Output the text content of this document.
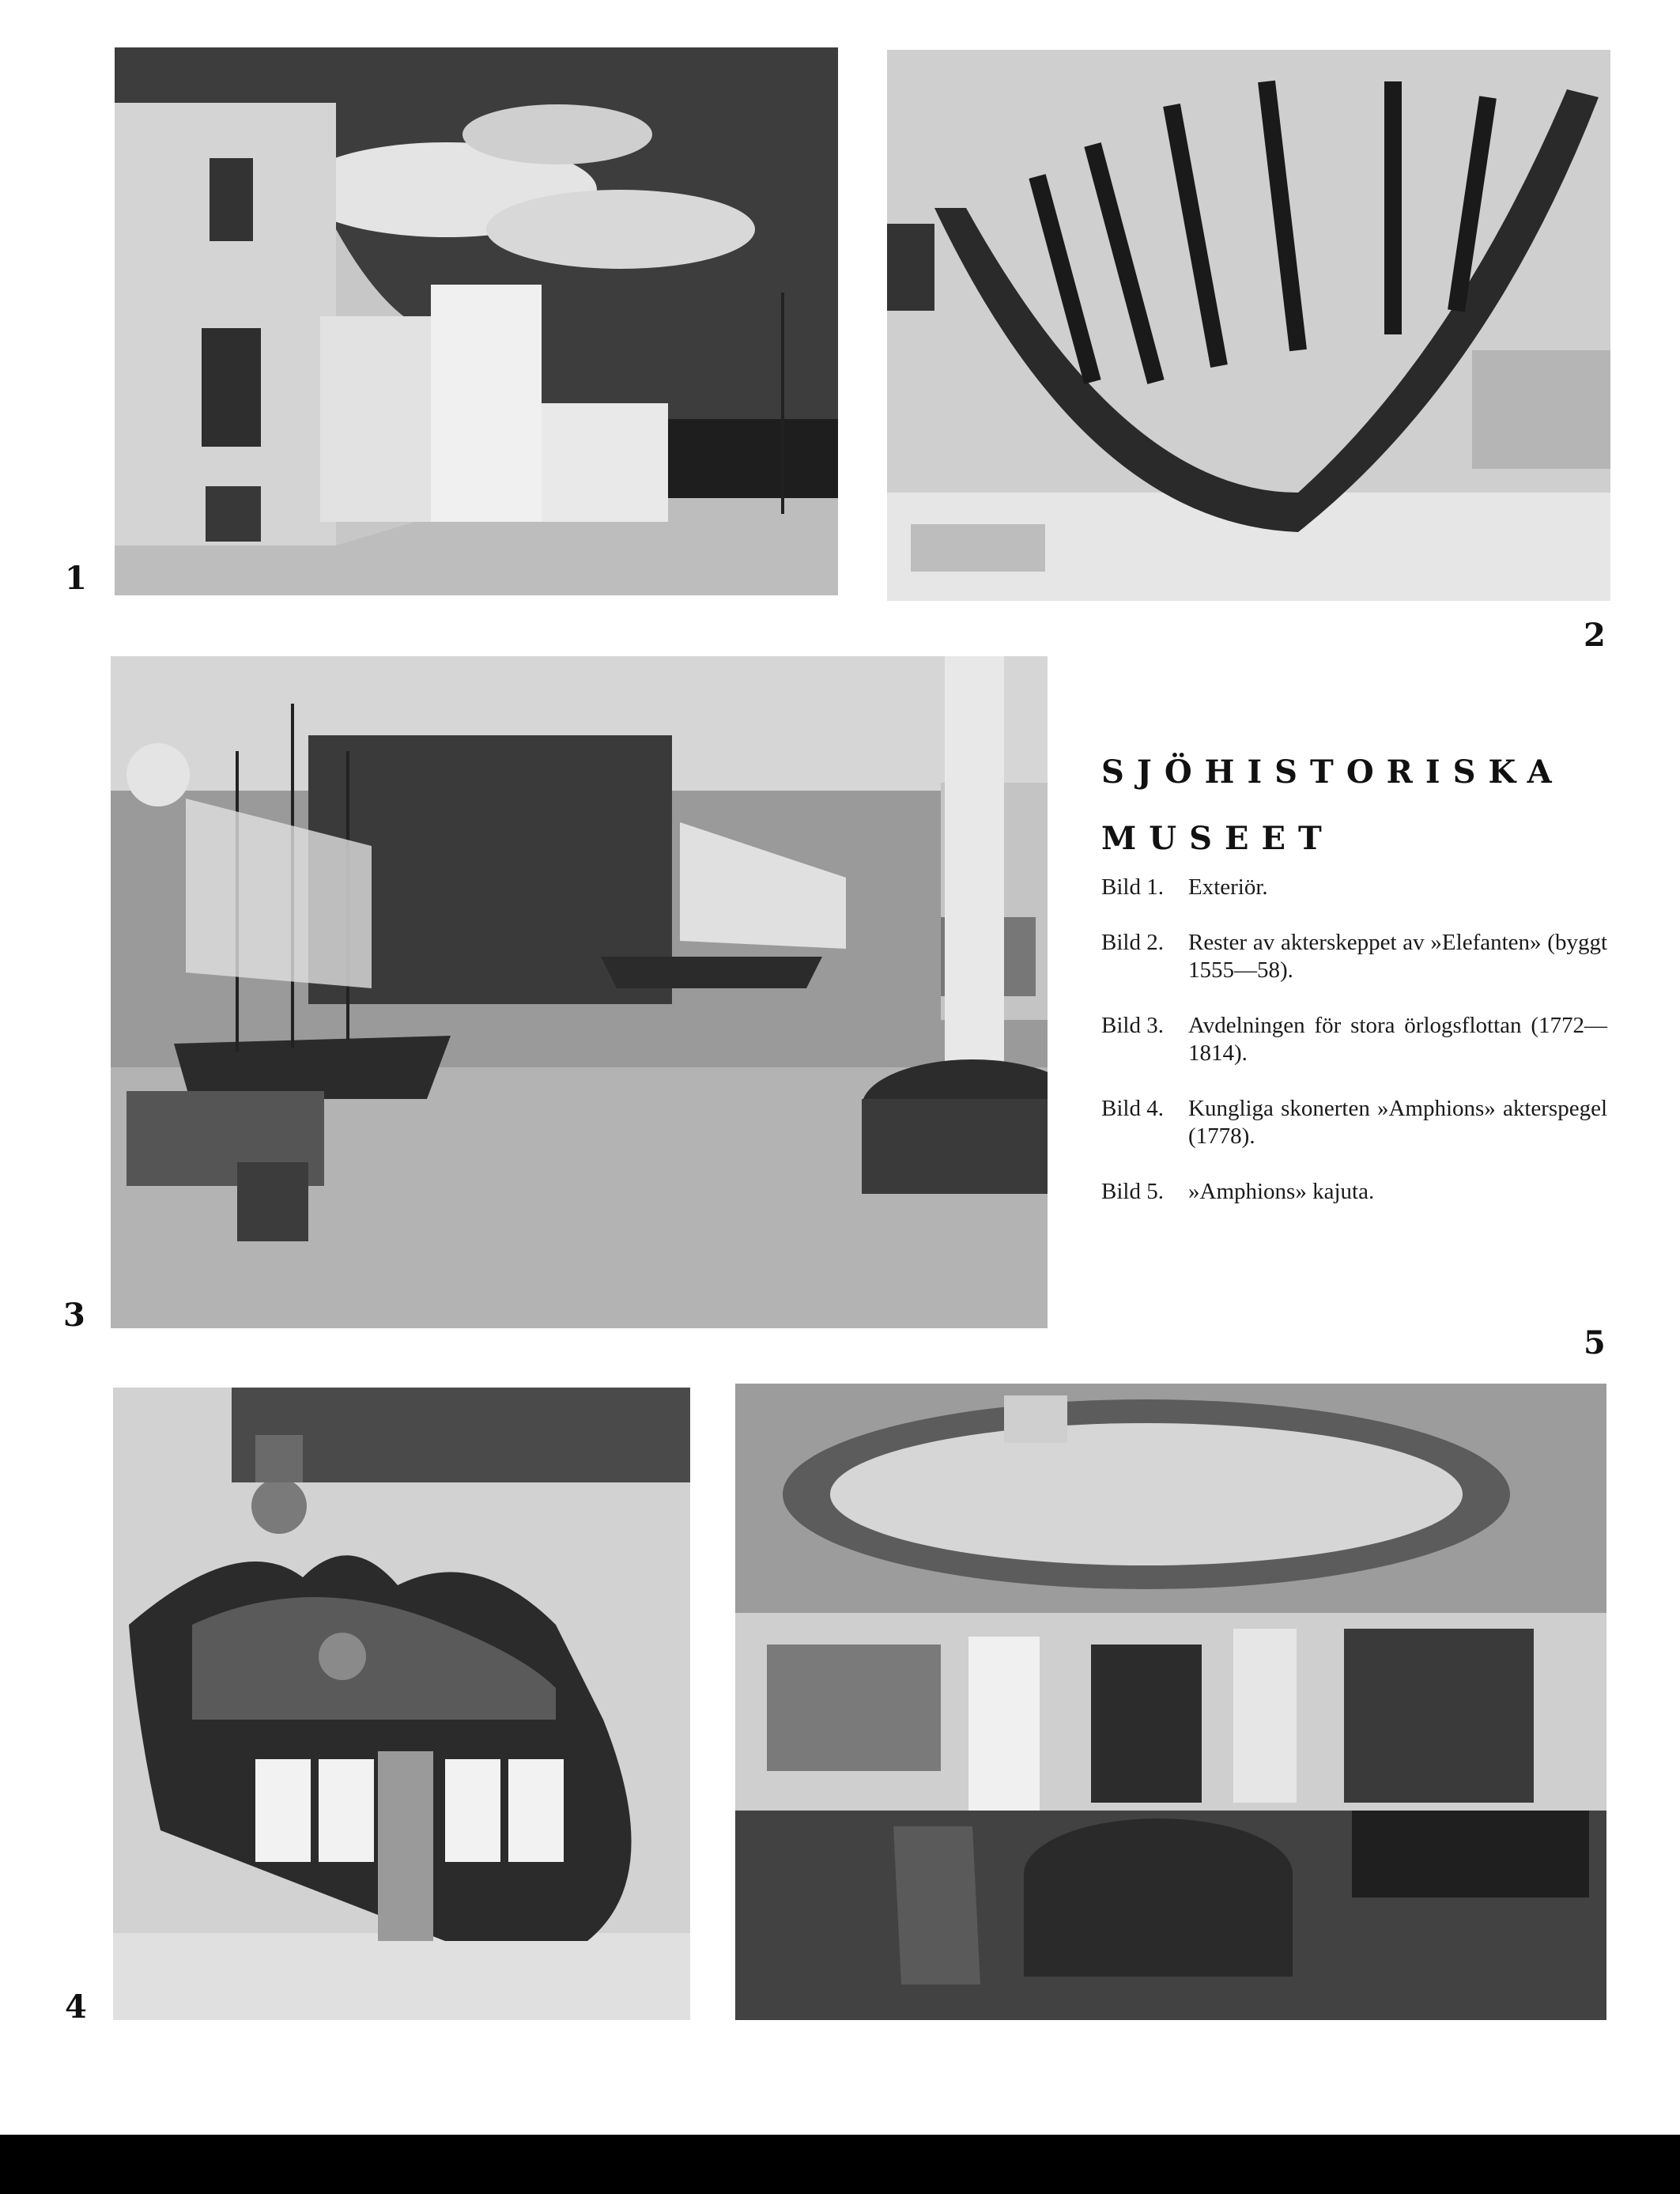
1
2
3
SJÖHISTORISKA
MUSEET
Bild 1.	Exteriör.
Bild 2.	Rester av akterskeppet av »Elefanten» (byggt 1555—58).
Bild 3.	Avdelningen för stora örlogsflottan (1772—1814).
Bild 4.	Kungliga skonerten »Amphions» akterspegel (1778).
Bild 5.	»Amphions» kajuta.
5
4
